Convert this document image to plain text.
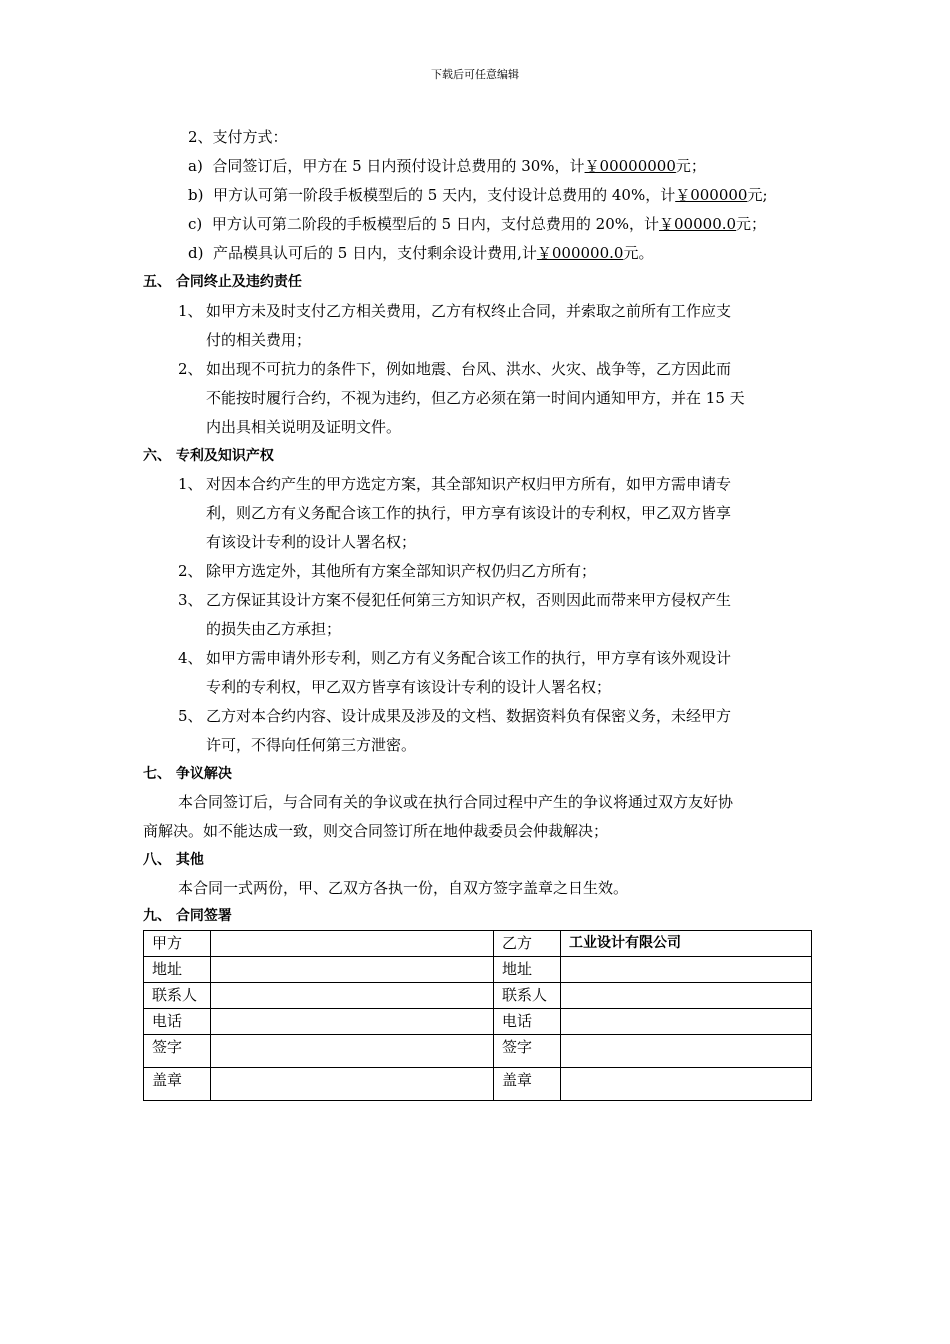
下载后可任意编辑
2、支付方式：
a) 合同签订后，甲方在 5 日内预付设计总费用的 30%，计￥00000000元；
b) 甲方认可第一阶段手板模型后的 5 天内，支付设计总费用的 40%，计￥000000元;
c) 甲方认可第二阶段的手板模型后的 5 日内，支付总费用的 20%，计￥00000.0元；
d) 产品模具认可后的 5 日内，支付剩余设计费用,计￥000000.0元。
五、 合同终止及违约责任
1、 如甲方未及时支付乙方相关费用，乙方有权终止合同，并索取之前所有工作应支
付的相关费用；
2、 如出现不可抗力的条件下，例如地震、台风、洪水、火灾、战争等，乙方因此而
不能按时履行合约，不视为违约，但乙方必须在第一时间内通知甲方，并在 15 天
内出具相关说明及证明文件。
六、 专利及知识产权
1、 对因本合约产生的甲方选定方案，其全部知识产权归甲方所有，如甲方需申请专
利，则乙方有义务配合该工作的执行，甲方享有该设计的专利权，甲乙双方皆享
有该设计专利的设计人署名权；
2、 除甲方选定外，其他所有方案全部知识产权仍归乙方所有；
3、 乙方保证其设计方案不侵犯任何第三方知识产权，否则因此而带来甲方侵权产生
的损失由乙方承担；
4、 如甲方需申请外形专利，则乙方有义务配合该工作的执行，甲方享有该外观设计
专利的专利权，甲乙双方皆享有该设计专利的设计人署名权；
5、 乙方对本合约内容、设计成果及涉及的文档、数据资料负有保密义务，未经甲方
许可，不得向任何第三方泄密。
七、 争议解决
本合同签订后，与合同有关的争议或在执行合同过程中产生的争议将通过双方友好协
商解决。如不能达成一致，则交合同签订所在地仲裁委员会仲裁解决；
八、 其他
本合同一式两份，甲、乙双方各执一份，自双方签字盖章之日生效。
九、 合同签署
甲方		乙方	工业设计有限公司
地址		地址	
联系人		联系人	
电话		电话	
签字		签字	
盖章		盖章	
